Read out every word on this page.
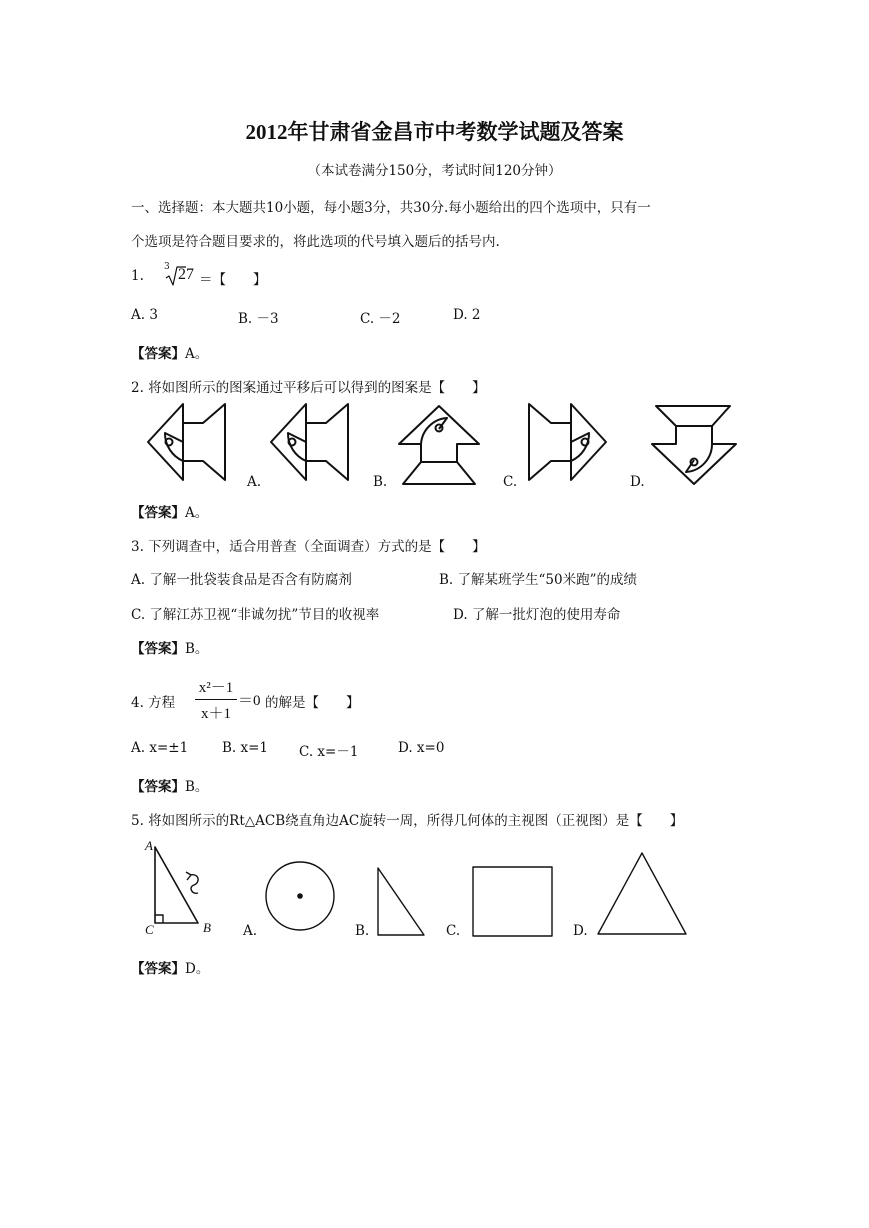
2012年甘肃省金昌市中考数学试题及答案
（本试卷满分150分，考试时间120分钟）
一、选择题：本大题共10小题，每小题3分，共30分.每小题给出的四个选项中，只有一
个选项是符合题目要求的，将此选项的代号填入题后的括号内.
1.
3 27 ＝【　　】
A. 3	B. －3	C. －2	D. 2
【答案】A。
2. 将如图所示的图案通过平移后可以得到的图案是【　　】
A.	B.	C.	D.
【答案】A。
3. 下列调查中，适合用普查（全面调查）方式的是【　　】
A. 了解一批袋装食品是否含有防腐剂	B. 了解某班学生“50米跑”的成绩
C. 了解江苏卫视“非诚勿扰”节目的收视率	D. 了解一批灯泡的使用寿命
【答案】B。
4. 方程
x²－1
x＋1
＝0 的解是【　　】
A. x=±1	B. x=1 C. x=－1	D. x=0
【答案】B。
5. 将如图所示的Rt△ACB绕直角边AC旋转一周，所得几何体的主视图（正视图）是【　　】
A
C	B A.	B.	C.	D.
【答案】D。
